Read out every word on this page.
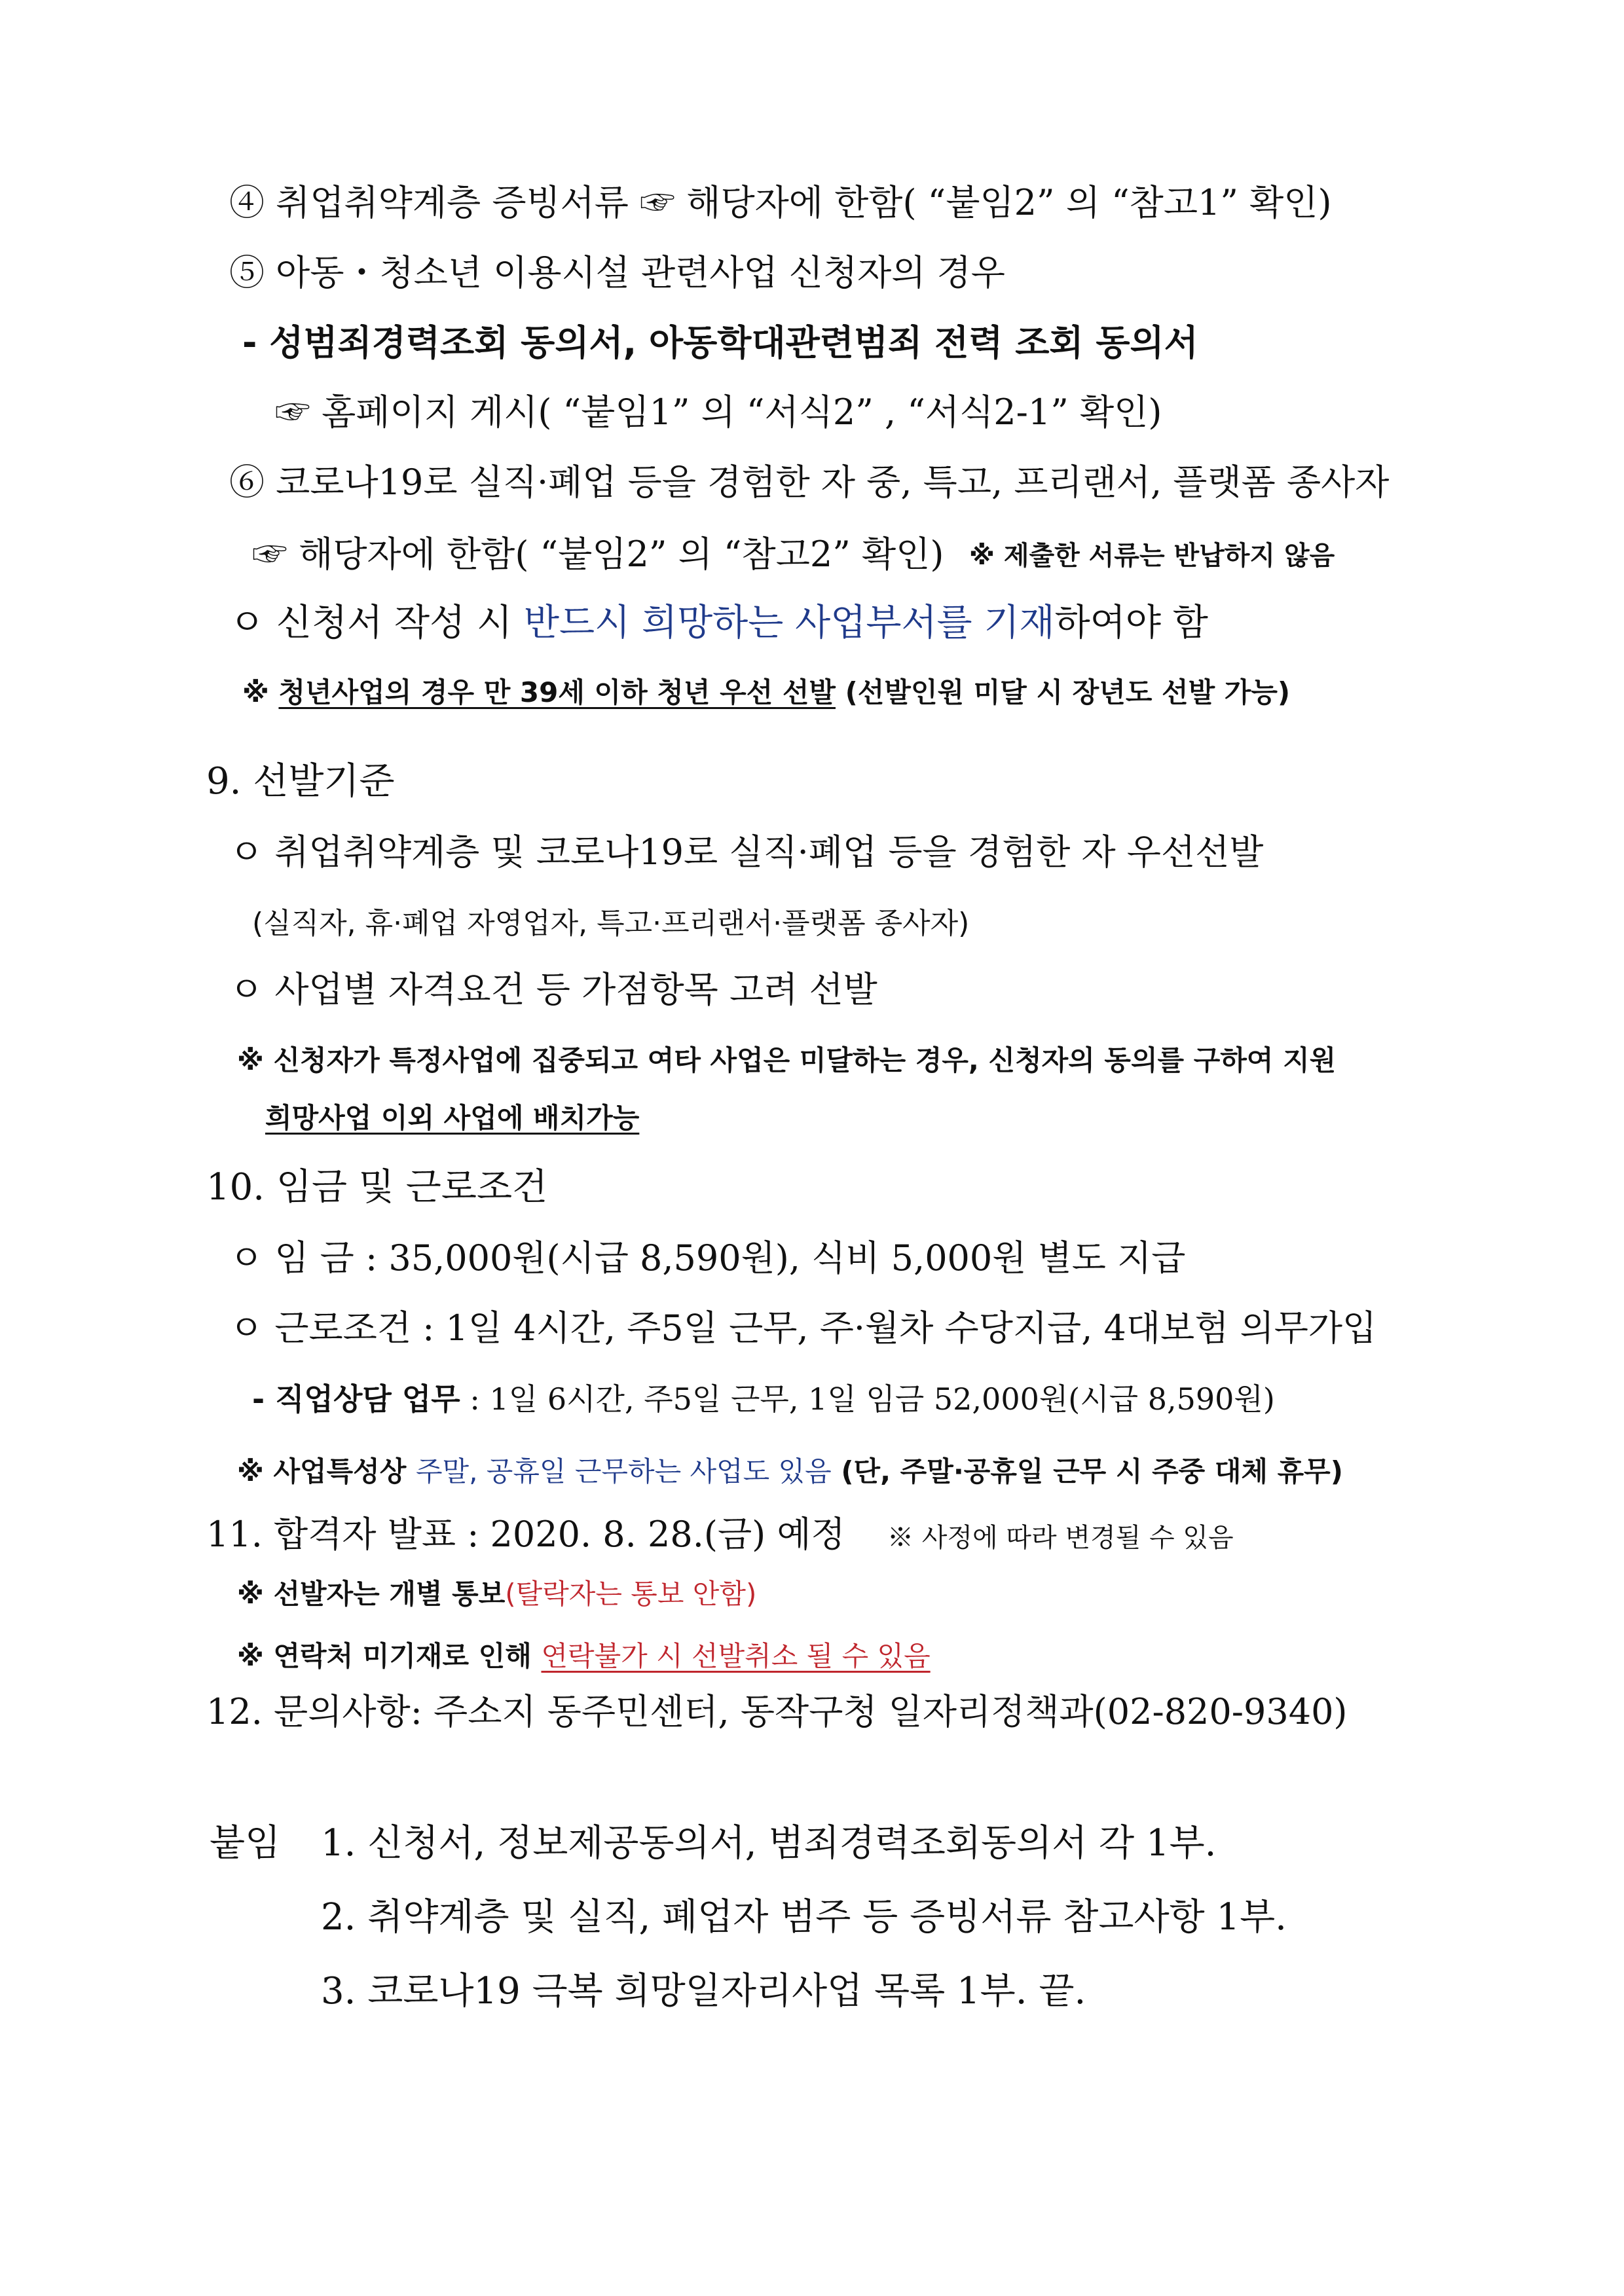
④ 취업취약계층 증빙서류 ☞ 해당자에 한함( “붙임2” 의 “참고1” 확인)
⑤ 아동・청소년 이용시설 관련사업 신청자의 경우
- 성범죄경력조회 동의서, 아동학대관련범죄 전력 조회 동의서
☞ 홈페이지 게시( “붙임1” 의 “서식2” , “서식2-1” 확인)
⑥ 코로나19로 실직·폐업 등을 경험한 자 중, 특고, 프리랜서, 플랫폼 종사자
☞ 해당자에 한함( “붙임2” 의 “참고2” 확인) ※ 제출한 서류는 반납하지 않음
ㅇ 신청서 작성 시 반드시 희망하는 사업부서를 기재하여야 함
※ 청년사업의 경우 만 39세 이하 청년 우선 선발 (선발인원 미달 시 장년도 선발 가능)
9. 선발기준
ㅇ 취업취약계층 및 코로나19로 실직·폐업 등을 경험한 자 우선선발
(실직자, 휴·폐업 자영업자, 특고·프리랜서·플랫폼 종사자)
ㅇ 사업별 자격요건 등 가점항목 고려 선발
※ 신청자가 특정사업에 집중되고 여타 사업은 미달하는 경우, 신청자의 동의를 구하여 지원
희망사업 이외 사업에 배치가능
10. 임금 및 근로조건
ㅇ 임 금 : 35,000원(시급 8,590원), 식비 5,000원 별도 지급
ㅇ 근로조건 : 1일 4시간, 주5일 근무, 주·월차 수당지급, 4대보험 의무가입
- 직업상담 업무 : 1일 6시간, 주5일 근무, 1일 임금 52,000원(시급 8,590원)
※ 사업특성상 주말, 공휴일 근무하는 사업도 있음 (단, 주말·공휴일 근무 시 주중 대체 휴무)
11. 합격자 발표 : 2020. 8. 28.(금) 예정 ※ 사정에 따라 변경될 수 있음
※ 선발자는 개별 통보(탈락자는 통보 안함)
※ 연락처 미기재로 인해 연락불가 시 선발취소 될 수 있음
12. 문의사항: 주소지 동주민센터, 동작구청 일자리정책과(02-820-9340)
붙임 1. 신청서, 정보제공동의서, 범죄경력조회동의서 각 1부.
2. 취약계층 및 실직, 폐업자 범주 등 증빙서류 참고사항 1부.
3. 코로나19 극복 희망일자리사업 목록 1부. 끝.
